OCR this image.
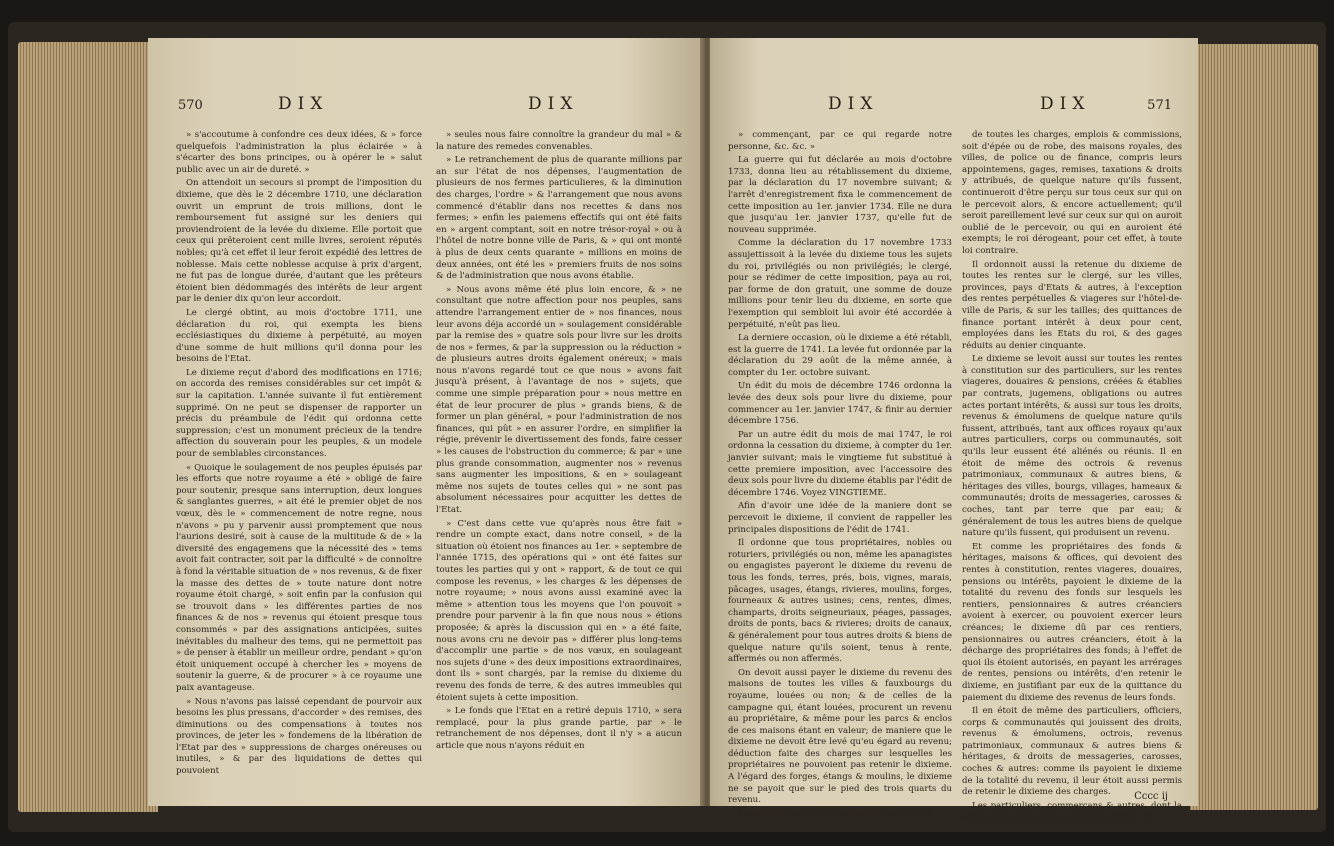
570	DIX	DIX

» s'accoutume à confondre ces deux idées, & » force quelquefois l'administration la plus éclairée » à s'écarter des bons principes, ou à opérer le » salut public avec un air de dureté. »

On attendoit un secours si prompt de l'imposition du dixieme, que dès le 2 décembre 1710, une déclaration ouvrit un emprunt de trois millions, dont le remboursement fut assigné sur les deniers qui proviendroient de la levée du dixieme. Elle portoit que ceux qui prêteroient cent mille livres, seroient réputés nobles; qu'à cet effet il leur feroit expédié des lettres de noblesse. Mais cette noblesse acquise à prix d'argent, ne fut pas de longue durée, d'autant que les prêteurs étoient bien dédommagés des intérêts de leur argent par le denier dix qu'on leur accordoit.

Le clergé obtint, au mois d'octobre 1711, une déclaration du roi, qui exempta les biens ecclésiastiques du dixieme à perpétuité, au moyen d'une somme de huit millions qu'il donna pour les besoins de l'Etat.

Le dixieme reçut d'abord des modifications en 1716; on accorda des remises considérables sur cet impôt & sur la capitation. L'année suivante il fut entièrement supprimé. On ne peut se dispenser de rapporter un précis du préambule de l'édit qui ordonna cette suppression; c'est un monument précieux de la tendre affection du souverain pour les peuples, & un modele pour de semblables circonstances.

« Quoique le soulagement de nos peuples épuisés par les efforts que notre royaume a été » obligé de faire pour soutenir, presque sans interruption, deux longues & sanglantes guerres, » ait été le premier objet de nos vœux, dès le » commencement de notre regne, nous n'avons » pu y parvenir aussi promptement que nous l'aurions desiré, soit à cause de la multitude & de » la diversité des engagemens que la nécessité des » tems avoit fait contracter, soit par la difficulté » de connoître à fond la véritable situation de » nos revenus, & de fixer la masse des dettes de » toute nature dont notre royaume étoit chargé, » soit enfin par la confusion qui se trouvoit dans » les différentes parties de nos finances & de nos » revenus qui étoient presque tous consommés » par des assignations anticipées, suites inévitables du malheur des tems, qui ne permettoit pas » de penser à établir un meilleur ordre, pendant » qu'on étoit uniquement occupé à chercher les » moyens de soutenir la guerre, & de procurer » à ce royaume une paix avantageuse.

» Nous n'avons pas laissé cependant de pourvoir aux besoins les plus pressans, d'accorder » des remises, des diminutions ou des compensations à toutes nos provinces, de jeter les » fondemens de la libération de l'Etat par des » suppressions de charges onéreuses ou inutiles, » & par des liquidations de dettes qui pouvoient

» seules nous faire connoître la grandeur du mal » & la nature des remedes convenables.

» Le retranchement de plus de quarante millions par an sur l'état de nos dépenses, l'augmentation de plusieurs de nos fermes particulieres, & la diminution des charges, l'ordre » & l'arrangement que nous avons commencé d'établir dans nos recettes & dans nos fermes; » enfin les paiemens effectifs qui ont été faits en » argent comptant, soit en notre trésor-royal » ou à l'hôtel de notre bonne ville de Paris, & » qui ont monté à plus de deux cents quarante » millions en moins de deux années, ont été les » premiers fruits de nos soins & de l'administration que nous avons établie.

» Nous avons même été plus loin encore, & » ne consultant que notre affection pour nos peuples, sans attendre l'arrangement entier de » nos finances, nous leur avons déja accordé un » soulagement considérable par la remise des » quatre sols pour livre sur les droits de nos » fermes, & par la suppression ou la réduction » de plusieurs autres droits également onéreux; » mais nous n'avons regardé tout ce que nous » avons fait jusqu'à présent, à l'avantage de nos » sujets, que comme une simple préparation pour » nous mettre en état de leur procurer de plus » grands biens, & de former un plan général, » pour l'administration de nos finances, qui pût » en assurer l'ordre, en simplifier la régie, prévenir le divertissement des fonds, faire cesser » les causes de l'obstruction du commerce; & par » une plus grande consommation, augmenter nos » revenus sans augmenter les impositions, & en » soulageant même nos sujets de toutes celles qui » ne sont pas absolument nécessaires pour acquitter les dettes de l'Etat.

» C'est dans cette vue qu'après nous être fait » rendre un compte exact, dans notre conseil, » de la situation où étoient nos finances au 1er. » septembre de l'année 1715, des opérations qui » ont été faites sur toutes les parties qui y ont » rapport, & de tout ce qui compose les revenus, » les charges & les dépenses de notre royaume; » nous avons aussi examiné avec la même » attention tous les moyens que l'on pouvoit » prendre pour parvenir à la fin que nous nous » étions proposée; & après la discussion qui en » a été faite, nous avons cru ne devoir pas » différer plus long-tems d'accomplir une partie » de nos vœux, en soulageant nos sujets d'une » des deux impositions extraordinaires, dont ils » sont chargés, par la remise du dixieme du revenu des fonds de terre, & des autres immeubles qui étoient sujets à cette imposition.

» Le fonds que l'Etat en a retiré depuis 1710, » sera remplacé, pour la plus grande partie, par » le retranchement de nos dépenses, dont il n'y » a aucun article que nous n'ayons réduit en

DIX	DIX	571

» commençant, par ce qui regarde notre personne, &c. &c. »

La guerre qui fut déclarée au mois d'octobre 1733, donna lieu au rétablissement du dixieme, par la déclaration du 17 novembre suivant; & l'arrêt d'enregistrement fixa le commencement de cette imposition au 1er. janvier 1734. Elle ne dura que jusqu'au 1er. janvier 1737, qu'elle fut de nouveau supprimée.

Comme la déclaration du 17 novembre 1733 assujettissoit à la levée du dixieme tous les sujets du roi, privilégiés ou non privilégiés; le clergé, pour se rédimer de cette imposition, paya au roi, par forme de don gratuit, une somme de douze millions pour tenir lieu du dixieme, en sorte que l'exemption qui sembloit lui avoir été accordée à perpétuité, n'eût pas lieu.

La derniere occasion, où le dixieme a été rétabli, est la guerre de 1741. La levée fut ordonnée par la déclaration du 29 août de la même année, à compter du 1er. octobre suivant.

Un édit du mois de décembre 1746 ordonna la levée des deux sols pour livre du dixieme, pour commencer au 1er. janvier 1747, & finir au dernier décembre 1756.

Par un autre édit du mois de mai 1747, le roi ordonna la cessation du dixieme, à compter du 1er. janvier suivant; mais le vingtieme fut substitué à cette premiere imposition, avec l'accessoire des deux sols pour livre du dixieme établis par l'édit de décembre 1746. Voyez VINGTIEME.

Afin d'avoir une idée de la maniere dont se percevoit le dixieme, il convient de rappeller les principales dispositions de l'édit de 1741.

Il ordonne que tous propriétaires, nobles ou roturiers, privilégiés ou non, même les apanagistes ou engagistes payeront le dixieme du revenu de tous les fonds, terres, prés, bois, vignes, marais, pâcages, usages, étangs, rivieres, moulins, forges, fourneaux & autres usines; cens, rentes, dîmes, champarts, droits seigneuriaux, péages, passages, droits de ponts, bacs & rivieres; droits de canaux, & généralement pour tous autres droits & biens de quelque nature qu'ils soient, tenus à rente, affermés ou non affermés.

On devoit aussi payer le dixieme du revenu des maisons de toutes les villes & fauxbourgs du royaume, louées ou non; & de celles de la campagne qui, étant louées, procurent un revenu au propriétaire, & même pour les parcs & enclos de ces maisons étant en valeur; de maniere que le dixieme ne devoit être levé qu'eu égard au revenu; déduction faite des charges sur lesquelles les propriétaires ne pouvoient pas retenir le dixieme. A l'égard des forges, étangs & moulins, le dixieme ne se payoit que sur le pied des trois quarts du revenu.

L'édit portoit aussi que le dixieme du revenu

de toutes les charges, emplois & commissions, soit d'épée ou de robe, des maisons royales, des villes, de police ou de finance, compris leurs appointemens, gages, remises, taxations & droits y attribués, de quelque nature qu'ils fussent, continueroit d'être perçu sur tous ceux sur qui on le percevoit alors, & encore actuellement; qu'il seroit pareillement levé sur ceux sur qui on auroit oublié de le percevoir, ou qui en auroient été exempts; le roi dérogeant, pour cet effet, à toute loi contraire.

Il ordonnoit aussi la retenue du dixieme de toutes les rentes sur le clergé, sur les villes, provinces, pays d'Etats & autres, à l'exception des rentes perpétuelles & viageres sur l'hôtel-de-ville de Paris, & sur les tailles; des quittances de finance portant intérêt à deux pour cent, employées dans les Etats du roi, & des gages réduits au denier cinquante.

Le dixieme se levoit aussi sur toutes les rentes à constitution sur des particuliers, sur les rentes viageres, douaires & pensions, créées & établies par contrats, jugemens, obligations ou autres actes portant intérêts, & aussi sur tous les droits, revenus & émolumens de quelque nature qu'ils fussent, attribués, tant aux offices royaux qu'aux autres particuliers, corps ou communautés, soit qu'ils leur eussent été aliénés ou réunis. Il en étoit de même des octrois & revenus patrimoniaux, communaux & autres biens, & héritages des villes, bourgs, villages, hameaux & communautés; droits de messageries, carosses & coches, tant par terre que par eau; & généralement de tous les autres biens de quelque nature qu'ils fussent, qui produisent un revenu.

Et comme les propriétaires des fonds & héritages, maisons & offices, qui devoient des rentes à constitution, rentes viageres, douaires, pensions ou intérêts, payoient le dixieme de la totalité du revenu des fonds sur lesquels les rentiers, pensionnaires & autres créanciers avoient à exercer, ou pouvoient exercer leurs créances; le dixieme dû par ces rentiers, pensionnaires ou autres créanciers, étoit à la décharge des propriétaires des fonds; à l'effet de quoi ils étoient autorisés, en payant les arrérages de rentes, pensions ou intérêts, d'en retenir le dixieme, en justifiant par eux de la quittance du paiement du dixieme des revenus de leurs fonds.

Il en étoit de même des particuliers, officiers, corps & communautés qui jouissent des droits, revenus & émolumens, octrois, revenus patrimoniaux, communaux & autres biens & héritages, & droits de messageries, carosses, coches & autres: comme ils payoient le dixieme de la totalité du revenu, il leur étoit aussi permis de retenir le dixieme des charges.

Les particuliers, commerçans & autres, dont la profession est de faire valoir leur argent, de-

Cccc ij
